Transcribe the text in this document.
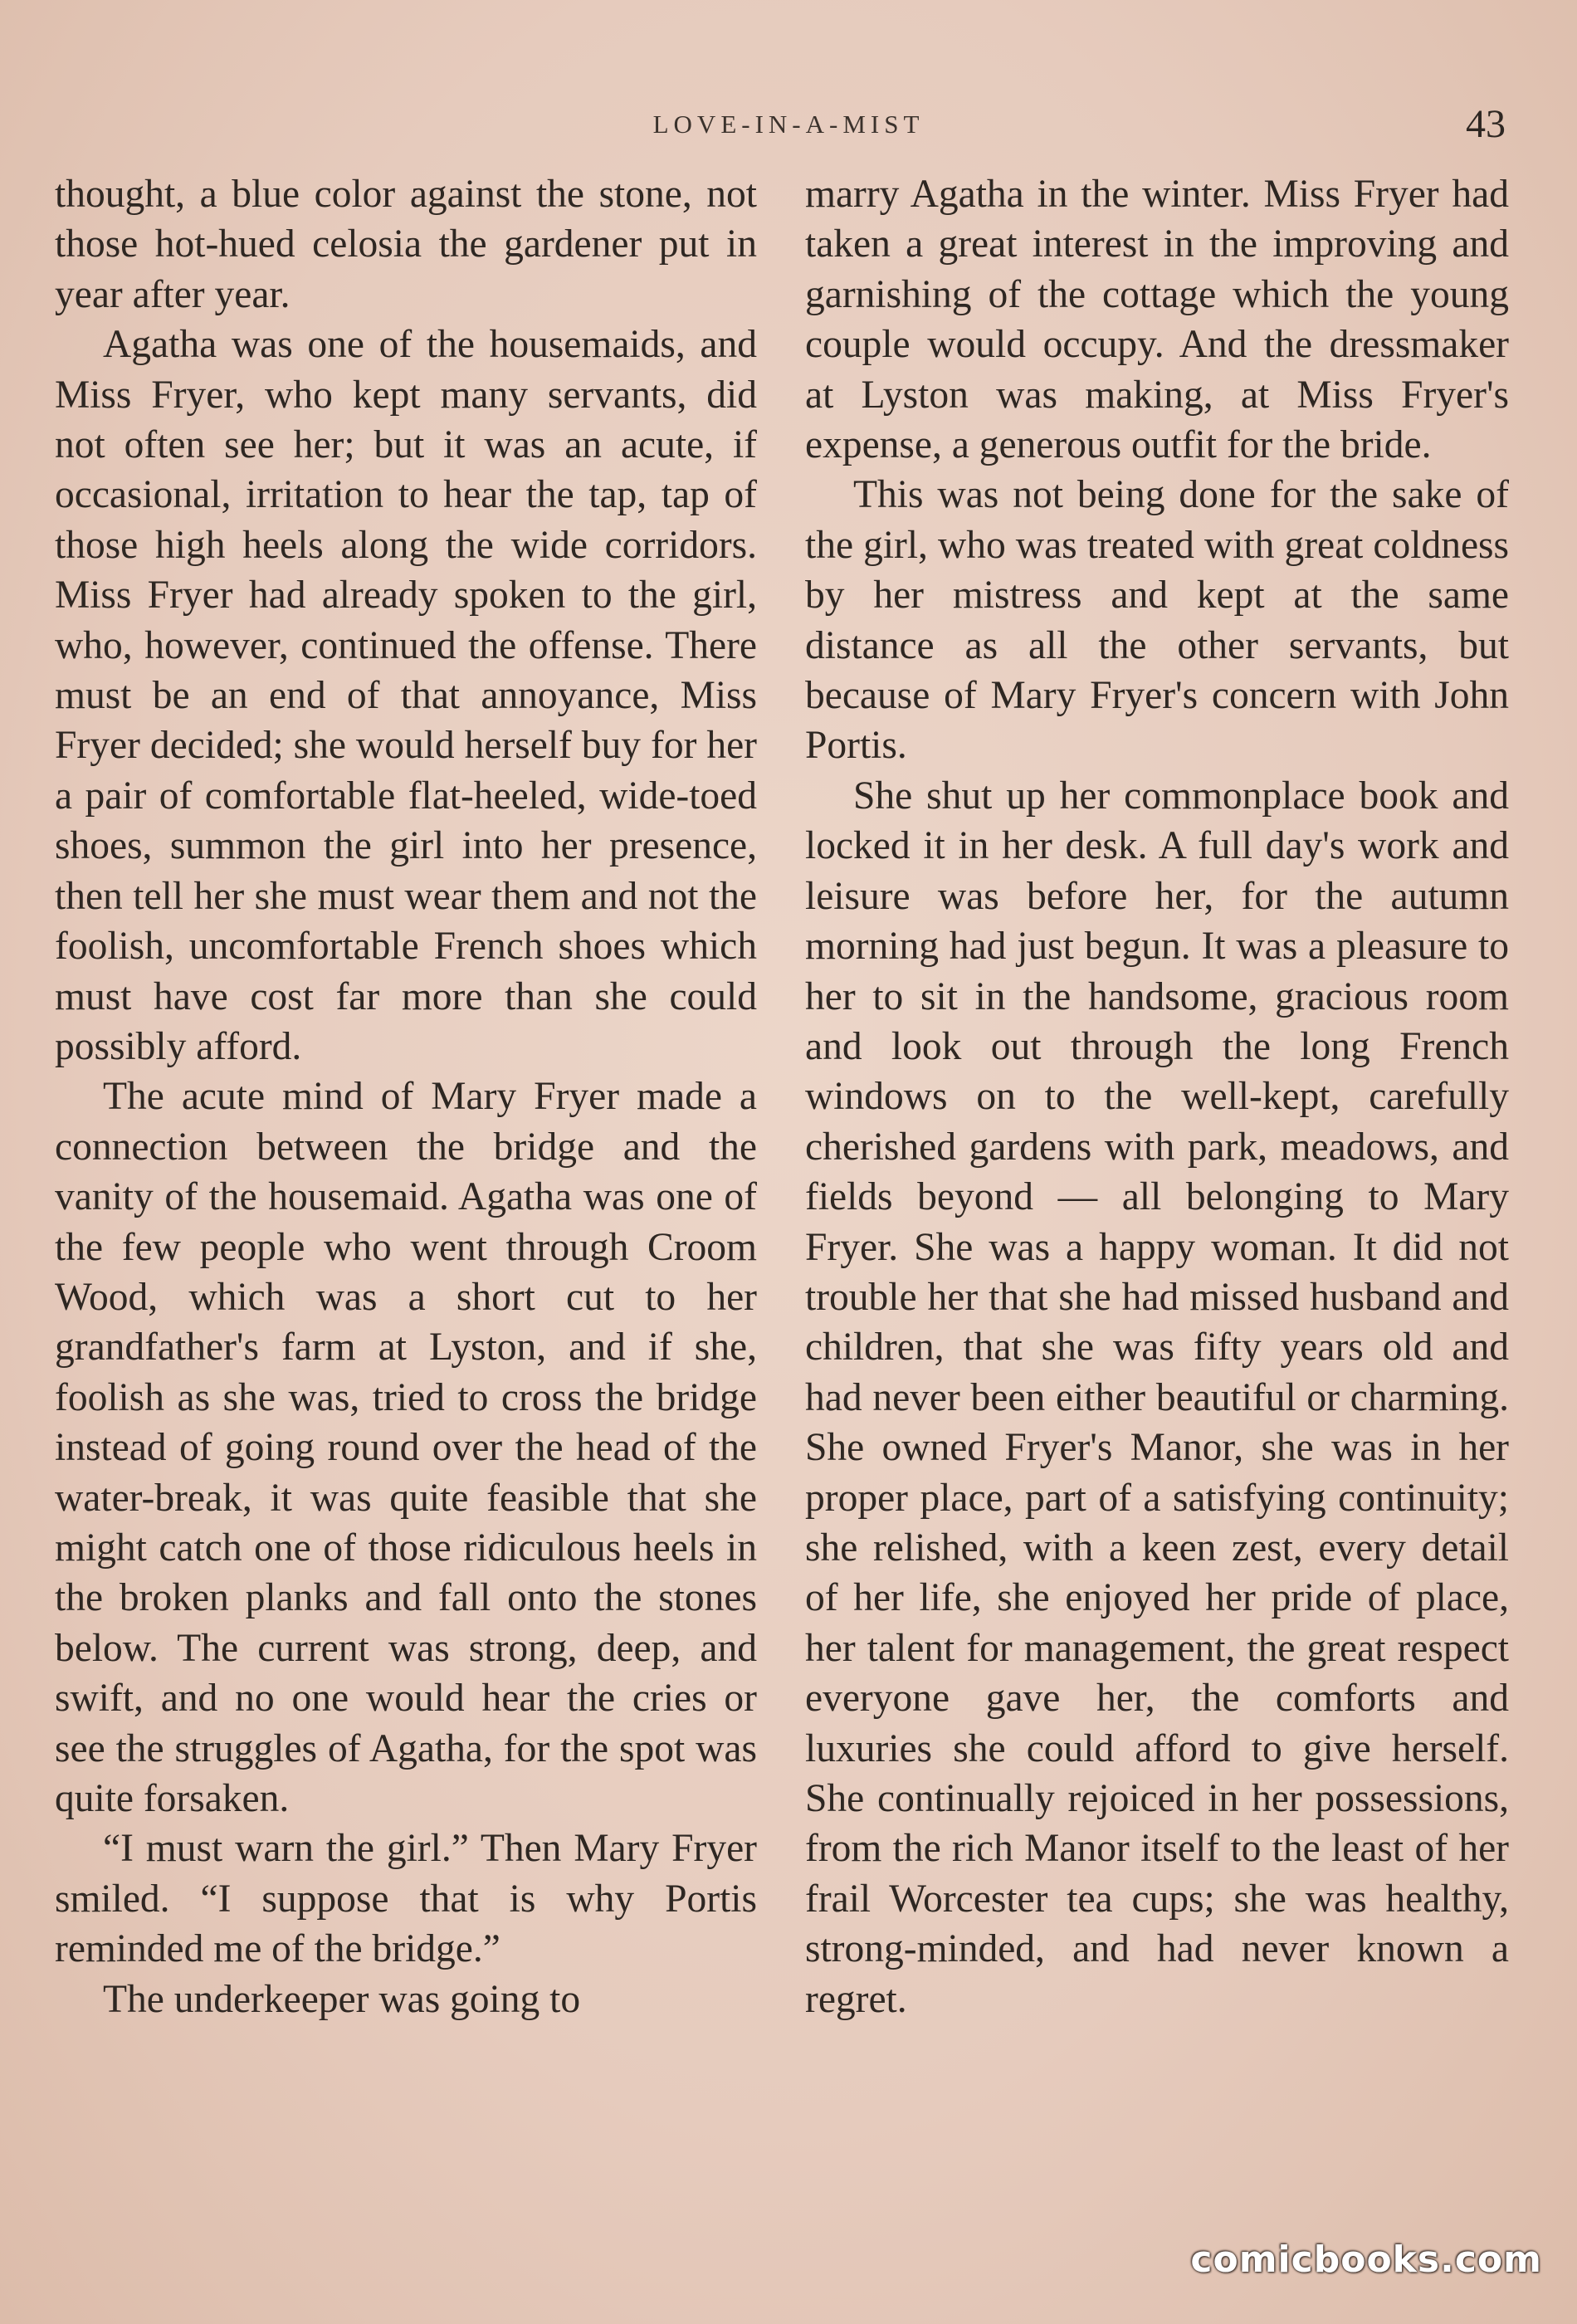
LOVE-IN-A-MIST	43

thought, a blue color against the stone, not those hot-hued celosia the gardener put in year after year.

Agatha was one of the housemaids, and Miss Fryer, who kept many servants, did not often see her; but it was an acute, if occasional, irritation to hear the tap, tap of those high heels along the wide corridors. Miss Fryer had already spoken to the girl, who, however, continued the offense. There must be an end of that annoyance, Miss Fryer decided; she would herself buy for her a pair of comfortable flat-heeled, wide-toed shoes, summon the girl into her presence, then tell her she must wear them and not the foolish, uncomfortable French shoes which must have cost far more than she could possibly afford.

The acute mind of Mary Fryer made a connection between the bridge and the vanity of the housemaid. Agatha was one of the few people who went through Croom Wood, which was a short cut to her grandfather's farm at Lyston, and if she, foolish as she was, tried to cross the bridge instead of going round over the head of the water-break, it was quite feasible that she might catch one of those ridiculous heels in the broken planks and fall onto the stones below. The current was strong, deep, and swift, and no one would hear the cries or see the struggles of Agatha, for the spot was quite forsaken.

“I must warn the girl.” Then Mary Fryer smiled. “I suppose that is why Portis reminded me of the bridge.”

The underkeeper was going to

marry Agatha in the winter. Miss Fryer had taken a great interest in the improving and garnishing of the cottage which the young couple would occupy. And the dressmaker at Lyston was making, at Miss Fryer's expense, a generous outfit for the bride.

This was not being done for the sake of the girl, who was treated with great coldness by her mistress and kept at the same distance as all the other servants, but because of Mary Fryer's concern with John Portis.

She shut up her commonplace book and locked it in her desk. A full day's work and leisure was before her, for the autumn morning had just begun. It was a pleasure to her to sit in the handsome, gracious room and look out through the long French windows on to the well-kept, carefully cherished gardens with park, meadows, and fields beyond — all belonging to Mary Fryer. She was a happy woman. It did not trouble her that she had missed husband and children, that she was fifty years old and had never been either beautiful or charming. She owned Fryer's Manor, she was in her proper place, part of a satisfying continuity; she relished, with a keen zest, every detail of her life, she enjoyed her pride of place, her talent for management, the great respect everyone gave her, the comforts and luxuries she could afford to give herself. She continually rejoiced in her possessions, from the rich Manor itself to the least of her frail Worcester tea cups; she was healthy, strong-minded, and had never known a regret.

comicbooks.com
